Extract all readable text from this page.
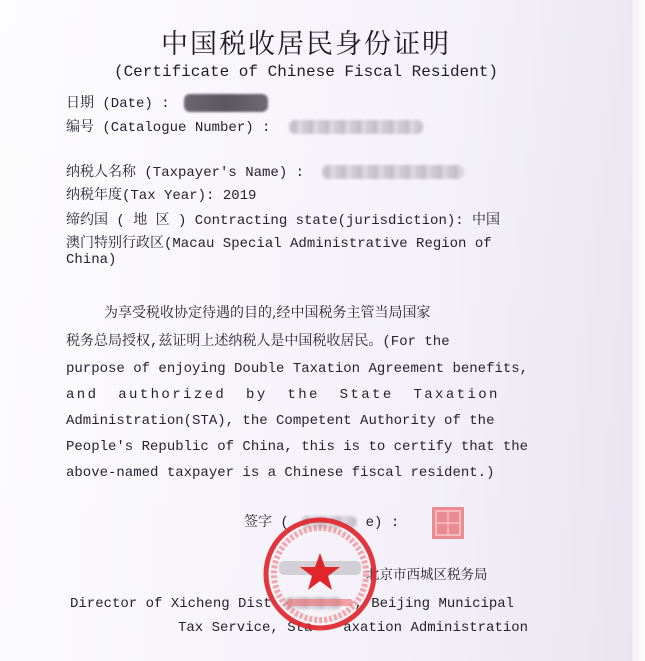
中国税收居民身份证明
(Certificate of Chinese Fiscal Resident)
日期 (Date) :
编号 (Catalogue Number) :
纳税人名称 (Taxpayer's Name) :
纳税年度(Tax Year): 2019
缔约国 ( 地 区 ) Contracting state(jurisdiction): 中国
澳门特别行政区(Macau Special Administrative Region of
China)
为享受税收协定待遇的目的,经中国税务主管当局国家
税务总局授权,兹证明上述纳税人是中国税收居民。(For the
purpose of enjoying Double Taxation Agreement benefits,
and authorized by the State Taxation
Administration(STA), the Competent Authority of the
People's Republic of China, this is to certify that the
above-named taxpayer is a Chinese fiscal resident.)
签字 (	e) :
北京市西城区税务局
Director of Xicheng Dist	, Beijing Municipal
Tax Service, Sta axation Administration
